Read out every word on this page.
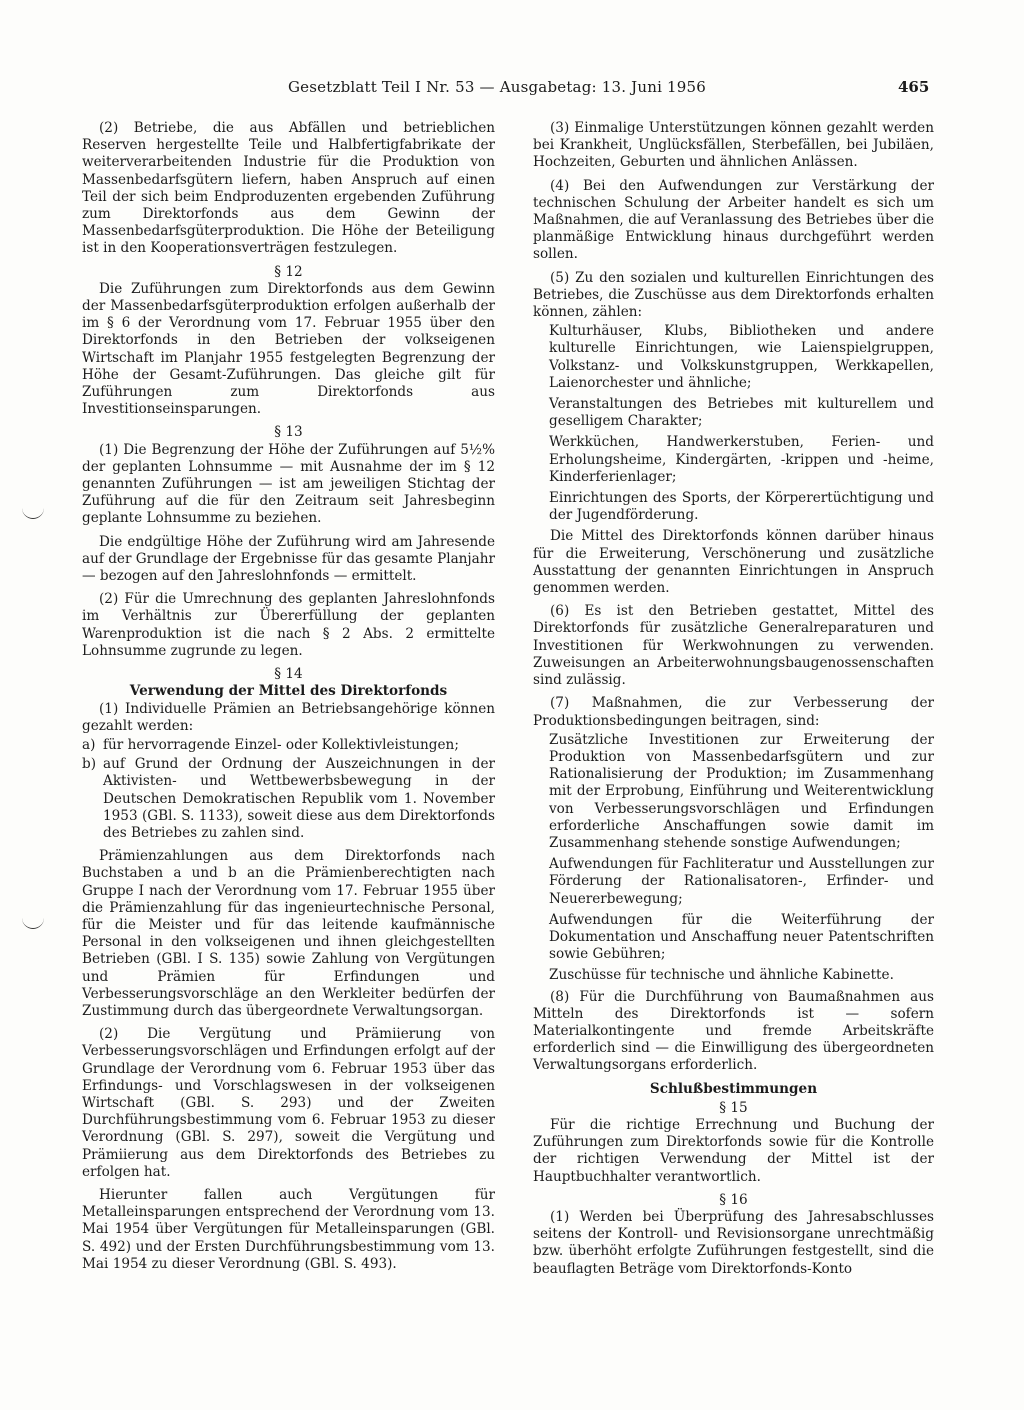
Gesetzblatt Teil I Nr. 53 — Ausgabetag: 13. Juni 1956	465

(2) Betriebe, die aus Abfällen und betrieblichen Reserven hergestellte Teile und Halbfertigfabrikate der weiterverarbeitenden Industrie für die Produktion von Massenbedarfsgütern liefern, haben Anspruch auf einen Teil der sich beim Endproduzenten ergebenden Zuführung zum Direktorfonds aus dem Gewinn der Massenbedarfsgüterproduktion. Die Höhe der Beteiligung ist in den Kooperationsverträgen festzulegen.

§ 12

Die Zuführungen zum Direktorfonds aus dem Gewinn der Massenbedarfsgüterproduktion erfolgen außerhalb der im § 6 der Verordnung vom 17. Februar 1955 über den Direktorfonds in den Betrieben der volkseigenen Wirtschaft im Planjahr 1955 festgelegten Begrenzung der Höhe der Gesamt-Zuführungen. Das gleiche gilt für Zuführungen zum Direktorfonds aus Investitionseinsparungen.

§ 13

(1) Die Begrenzung der Höhe der Zuführungen auf 5½% der geplanten Lohnsumme — mit Ausnahme der im § 12 genannten Zuführungen — ist am jeweiligen Stichtag der Zuführung auf die für den Zeitraum seit Jahresbeginn geplante Lohnsumme zu beziehen.

Die endgültige Höhe der Zuführung wird am Jahresende auf der Grundlage der Ergebnisse für das gesamte Planjahr — bezogen auf den Jahreslohnfonds — ermittelt.

(2) Für die Umrechnung des geplanten Jahreslohnfonds im Verhältnis zur Übererfüllung der geplanten Warenproduktion ist die nach § 2 Abs. 2 ermittelte Lohnsumme zugrunde zu legen.

§ 14

Verwendung der Mittel des Direktorfonds

(1) Individuelle Prämien an Betriebsangehörige können gezahlt werden:

a) für hervorragende Einzel- oder Kollektivleistungen;
b) auf Grund der Ordnung der Auszeichnungen in der Aktivisten- und Wettbewerbsbewegung in der Deutschen Demokratischen Republik vom 1. November 1953 (GBl. S. 1133), soweit diese aus dem Direktorfonds des Betriebes zu zahlen sind.

Prämienzahlungen aus dem Direktorfonds nach Buchstaben a und b an die Prämienberechtigten nach Gruppe I nach der Verordnung vom 17. Februar 1955 über die Prämienzahlung für das ingenieurtechnische Personal, für die Meister und für das leitende kaufmännische Personal in den volkseigenen und ihnen gleichgestellten Betrieben (GBl. I S. 135) sowie Zahlung von Vergütungen und Prämien für Erfindungen und Verbesserungsvorschläge an den Werkleiter bedürfen der Zustimmung durch das übergeordnete Verwaltungsorgan.

(2) Die Vergütung und Prämiierung von Verbesserungsvorschlägen und Erfindungen erfolgt auf der Grundlage der Verordnung vom 6. Februar 1953 über das Erfindungs- und Vorschlagswesen in der volkseigenen Wirtschaft (GBl. S. 293) und der Zweiten Durchführungsbestimmung vom 6. Februar 1953 zu dieser Verordnung (GBl. S. 297), soweit die Vergütung und Prämiierung aus dem Direktorfonds des Betriebes zu erfolgen hat.

Hierunter fallen auch Vergütungen für Metalleinsparungen entsprechend der Verordnung vom 13. Mai 1954 über Vergütungen für Metalleinsparungen (GBl. S. 492) und der Ersten Durchführungsbestimmung vom 13. Mai 1954 zu dieser Verordnung (GBl. S. 493).

(3) Einmalige Unterstützungen können gezahlt werden bei Krankheit, Unglücksfällen, Sterbefällen, bei Jubiläen, Hochzeiten, Geburten und ähnlichen Anlässen.

(4) Bei den Aufwendungen zur Verstärkung der technischen Schulung der Arbeiter handelt es sich um Maßnahmen, die auf Veranlassung des Betriebes über die planmäßige Entwicklung hinaus durchgeführt werden sollen.

(5) Zu den sozialen und kulturellen Einrichtungen des Betriebes, die Zuschüsse aus dem Direktorfonds erhalten können, zählen:

Kulturhäuser, Klubs, Bibliotheken und andere kulturelle Einrichtungen, wie Laienspielgruppen, Volkstanz- und Volkskunstgruppen, Werkkapellen, Laienorchester und ähnliche;

Veranstaltungen des Betriebes mit kulturellem und geselligem Charakter;

Werkküchen, Handwerkerstuben, Ferien- und Erholungsheime, Kindergärten, -krippen und -heime, Kinderferienlager;

Einrichtungen des Sports, der Körperertüchtigung und der Jugendförderung.

Die Mittel des Direktorfonds können darüber hinaus für die Erweiterung, Verschönerung und zusätzliche Ausstattung der genannten Einrichtungen in Anspruch genommen werden.

(6) Es ist den Betrieben gestattet, Mittel des Direktorfonds für zusätzliche Generalreparaturen und Investitionen für Werkwohnungen zu verwenden. Zuweisungen an Arbeiterwohnungsbaugenossenschaften sind zulässig.

(7) Maßnahmen, die zur Verbesserung der Produktionsbedingungen beitragen, sind:

Zusätzliche Investitionen zur Erweiterung der Produktion von Massenbedarfsgütern und zur Rationalisierung der Produktion; im Zusammenhang mit der Erprobung, Einführung und Weiterentwicklung von Verbesserungsvorschlägen und Erfindungen erforderliche Anschaffungen sowie damit im Zusammenhang stehende sonstige Aufwendungen;

Aufwendungen für Fachliteratur und Ausstellungen zur Förderung der Rationalisatoren-, Erfinder- und Neuererbewegung;

Aufwendungen für die Weiterführung der Dokumentation und Anschaffung neuer Patentschriften sowie Gebühren;

Zuschüsse für technische und ähnliche Kabinette.

(8) Für die Durchführung von Baumaßnahmen aus Mitteln des Direktorfonds ist — sofern Materialkontingente und fremde Arbeitskräfte erforderlich sind — die Einwilligung des übergeordneten Verwaltungsorgans erforderlich.

Schlußbestimmungen

§ 15

Für die richtige Errechnung und Buchung der Zuführungen zum Direktorfonds sowie für die Kontrolle der richtigen Verwendung der Mittel ist der Hauptbuchhalter verantwortlich.

§ 16

(1) Werden bei Überprüfung des Jahresabschlusses seitens der Kontroll- und Revisionsorgane unrechtmäßig bzw. überhöht erfolgte Zuführungen festgestellt, sind die beauflagten Beträge vom Direktorfonds-Konto
